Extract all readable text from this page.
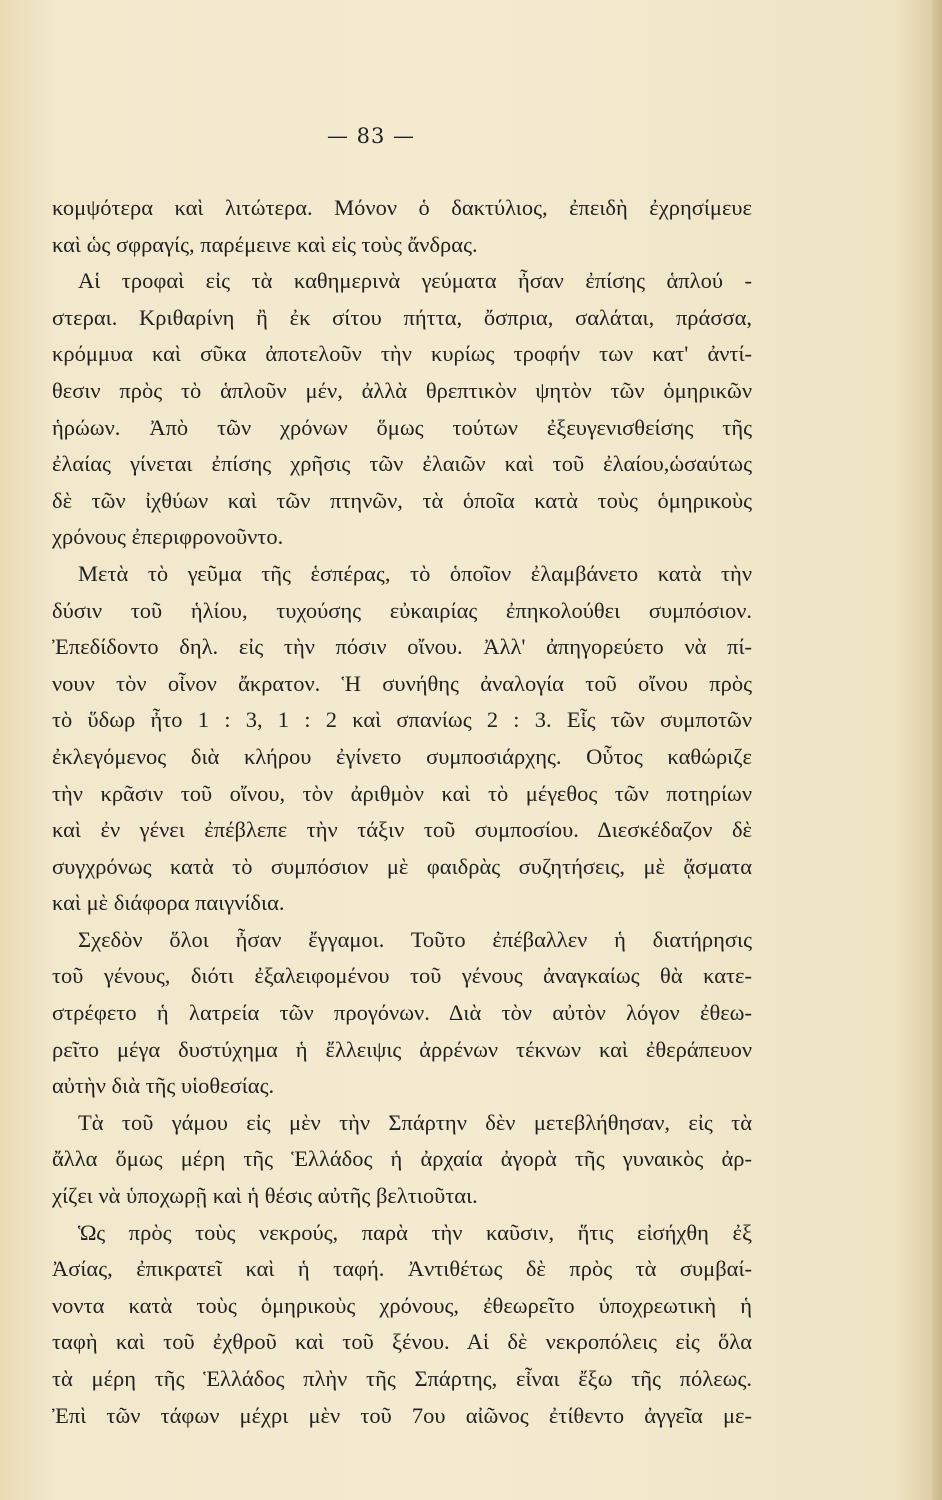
— 83 —
κομψότερα καὶ λιτώτερα. Μόνον ὁ δακτύλιος, ἐπειδὴ ἐχρησίμευε
καὶ ὡς σφραγίς, παρέμεινε καὶ εἰς τοὺς ἄνδρας.
Αἱ τροφαὶ εἰς τὰ καθημερινὰ γεύματα ἦσαν ἐπίσης ἁπλού -
στεραι. Κριθαρίνη ἢ ἐκ σίτου πήττα, ὄσπρια, σαλάται, πράσσα,
κρόμμυα καὶ σῦκα ἀποτελοῦν τὴν κυρίως τροφήν των κατ' ἀντί-
θεσιν πρὸς τὸ ἁπλοῦν μέν, ἀλλὰ θρεπτικὸν ψητὸν τῶν ὁμηρικῶν
ἡρώων. Ἀπὸ τῶν χρόνων ὅμως τούτων ἐξευγενισθείσης τῆς
ἐλαίας γίνεται ἐπίσης χρῆσις τῶν ἐλαιῶν καὶ τοῦ ἐλαίου,ὡσαύτως
δὲ τῶν ἰχθύων καὶ τῶν πτηνῶν, τὰ ὁποῖα κατὰ τοὺς ὁμηρικοὺς
χρόνους ἐπεριφρονοῦντο.
Μετὰ τὸ γεῦμα τῆς ἑσπέρας, τὸ ὁποῖον ἐλαμβάνετο κατὰ τὴν
δύσιν τοῦ ἡλίου, τυχούσης εὐκαιρίας ἐπηκολούθει συμπόσιον.
Ἐπεδίδοντο δηλ. εἰς τὴν πόσιν οἴνου. Ἀλλ' ἀπηγορεύετο νὰ πί-
νουν τὸν οἶνον ἄκρατον. Ἡ συνήθης ἀναλογία τοῦ οἴνου πρὸς
τὸ ὕδωρ ἦτο 1 : 3, 1 : 2 καὶ σπανίως 2 : 3. Εἷς τῶν συμποτῶν
ἐκλεγόμενος διὰ κλήρου ἐγίνετο συμποσιάρχης. Οὗτος καθώριζε
τὴν κρᾶσιν τοῦ οἴνου, τὸν ἀριθμὸν καὶ τὸ μέγεθος τῶν ποτηρίων
καὶ ἐν γένει ἐπέβλεπε τὴν τάξιν τοῦ συμποσίου. Διεσκέδαζον δὲ
συγχρόνως κατὰ τὸ συμπόσιον μὲ φαιδρὰς συζητήσεις, μὲ ᾄσματα
καὶ μὲ διάφορα παιγνίδια.
Σχεδὸν ὅλοι ἦσαν ἔγγαμοι. Τοῦτο ἐπέβαλλεν ἡ διατήρησις
τοῦ γένους, διότι ἐξαλειφομένου τοῦ γένους ἀναγκαίως θὰ κατε-
στρέφετο ἡ λατρεία τῶν προγόνων. Διὰ τὸν αὐτὸν λόγον ἐθεω-
ρεῖτο μέγα δυστύχημα ἡ ἔλλειψις ἀρρένων τέκνων καὶ ἐθεράπευον
αὐτὴν διὰ τῆς υἱοθεσίας.
Τὰ τοῦ γάμου εἰς μὲν τὴν Σπάρτην δὲν μετεβλήθησαν, εἰς τὰ
ἄλλα ὅμως μέρη τῆς Ἑλλάδος ἡ ἀρχαία ἀγορὰ τῆς γυναικὸς ἀρ-
χίζει νὰ ὑποχωρῇ καὶ ἡ θέσις αὐτῆς βελτιοῦται.
Ὡς πρὸς τοὺς νεκρούς, παρὰ τὴν καῦσιν, ἥτις εἰσήχθη ἐξ
Ἀσίας, ἐπικρατεῖ καὶ ἡ ταφή. Ἀντιθέτως δὲ πρὸς τὰ συμβαί-
νοντα κατὰ τοὺς ὁμηρικοὺς χρόνους, ἐθεωρεῖτο ὑποχρεωτικὴ ἡ
ταφὴ καὶ τοῦ ἐχθροῦ καὶ τοῦ ξένου. Αἱ δὲ νεκροπόλεις εἰς ὅλα
τὰ μέρη τῆς Ἑλλάδος πλὴν τῆς Σπάρτης, εἶναι ἔξω τῆς πόλεως.
Ἐπὶ τῶν τάφων μέχρι μὲν τοῦ 7ου αἰῶνος ἐτίθεντο ἀγγεῖα με-
